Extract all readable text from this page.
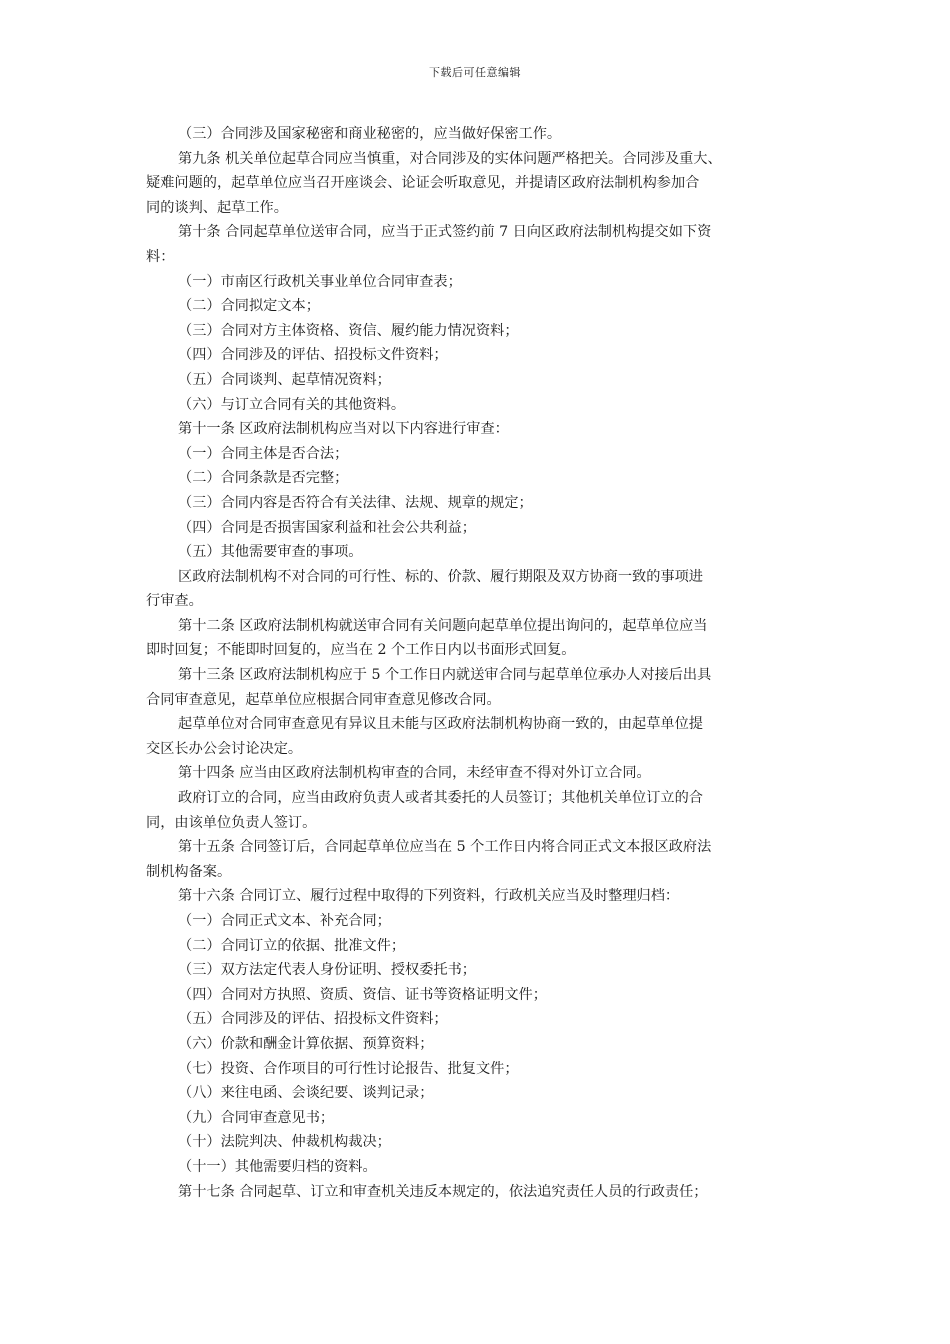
下载后可任意编辑
（三）合同涉及国家秘密和商业秘密的，应当做好保密工作。
第九条 机关单位起草合同应当慎重，对合同涉及的实体问题严格把关。合同涉及重大、
疑难问题的，起草单位应当召开座谈会、论证会听取意见，并提请区政府法制机构参加合
同的谈判、起草工作。
第十条 合同起草单位送审合同，应当于正式签约前 7 日向区政府法制机构提交如下资
料：
（一）市南区行政机关事业单位合同审查表；
（二）合同拟定文本；
（三）合同对方主体资格、资信、履约能力情况资料；
（四）合同涉及的评估、招投标文件资料；
（五）合同谈判、起草情况资料；
（六）与订立合同有关的其他资料。
第十一条 区政府法制机构应当对以下内容进行审查：
（一）合同主体是否合法；
（二）合同条款是否完整；
（三）合同内容是否符合有关法律、法规、规章的规定；
（四）合同是否损害国家利益和社会公共利益；
（五）其他需要审查的事项。
区政府法制机构不对合同的可行性、标的、价款、履行期限及双方协商一致的事项进
行审查。
第十二条 区政府法制机构就送审合同有关问题向起草单位提出询问的，起草单位应当
即时回复；不能即时回复的，应当在 2 个工作日内以书面形式回复。
第十三条 区政府法制机构应于 5 个工作日内就送审合同与起草单位承办人对接后出具
合同审查意见，起草单位应根据合同审查意见修改合同。
起草单位对合同审查意见有异议且未能与区政府法制机构协商一致的，由起草单位提
交区长办公会讨论决定。
第十四条 应当由区政府法制机构审查的合同，未经审查不得对外订立合同。
政府订立的合同，应当由政府负责人或者其委托的人员签订；其他机关单位订立的合
同，由该单位负责人签订。
第十五条 合同签订后，合同起草单位应当在 5 个工作日内将合同正式文本报区政府法
制机构备案。
第十六条 合同订立、履行过程中取得的下列资料，行政机关应当及时整理归档：
（一）合同正式文本、补充合同；
（二）合同订立的依据、批准文件；
（三）双方法定代表人身份证明、授权委托书；
（四）合同对方执照、资质、资信、证书等资格证明文件；
（五）合同涉及的评估、招投标文件资料；
（六）价款和酬金计算依据、预算资料；
（七）投资、合作项目的可行性讨论报告、批复文件；
（八）来往电函、会谈纪要、谈判记录；
（九）合同审查意见书；
（十）法院判决、仲裁机构裁决；
（十一）其他需要归档的资料。
第十七条 合同起草、订立和审查机关违反本规定的，依法追究责任人员的行政责任；
